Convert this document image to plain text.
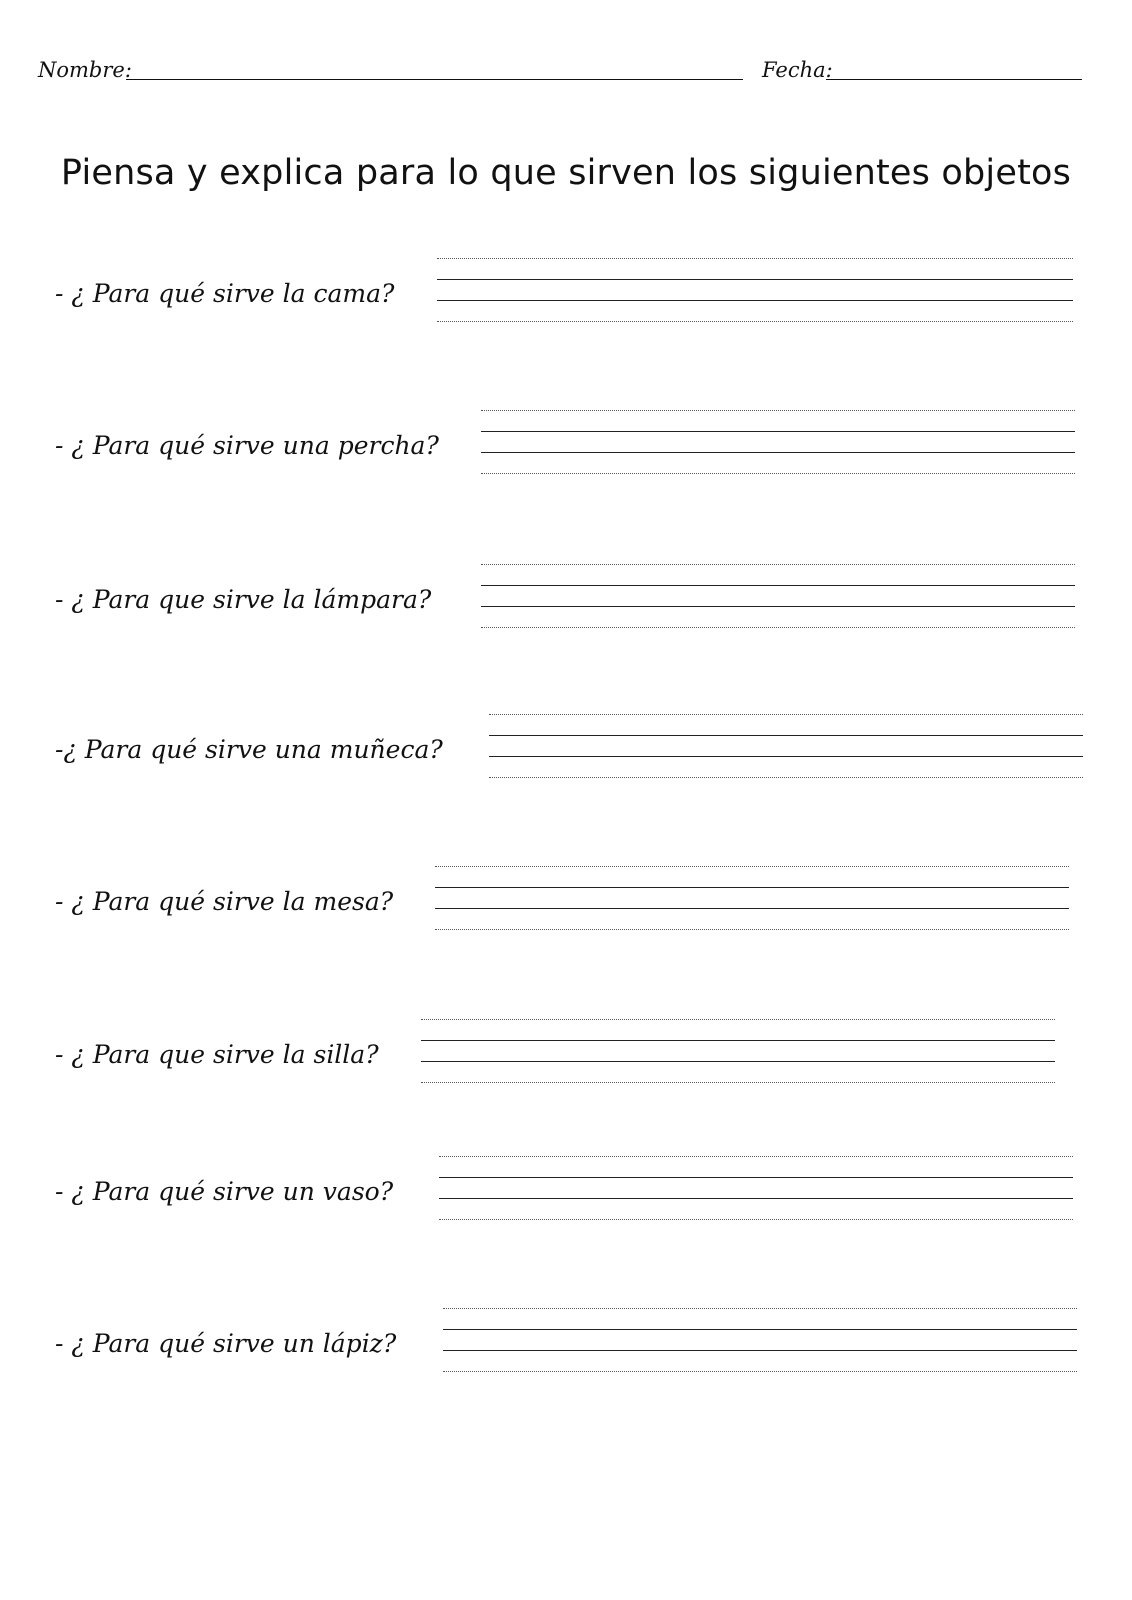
Nombre:	Fecha:
Piensa y explica para lo que sirven los siguientes objetos
- ¿ Para qué sirve la cama?
- ¿ Para qué sirve una percha?
- ¿ Para que sirve la lámpara?
-¿ Para qué sirve una muñeca?
- ¿ Para qué sirve la mesa?
- ¿ Para que sirve la silla?
- ¿ Para qué sirve un vaso?
- ¿ Para qué sirve un lápiz?
